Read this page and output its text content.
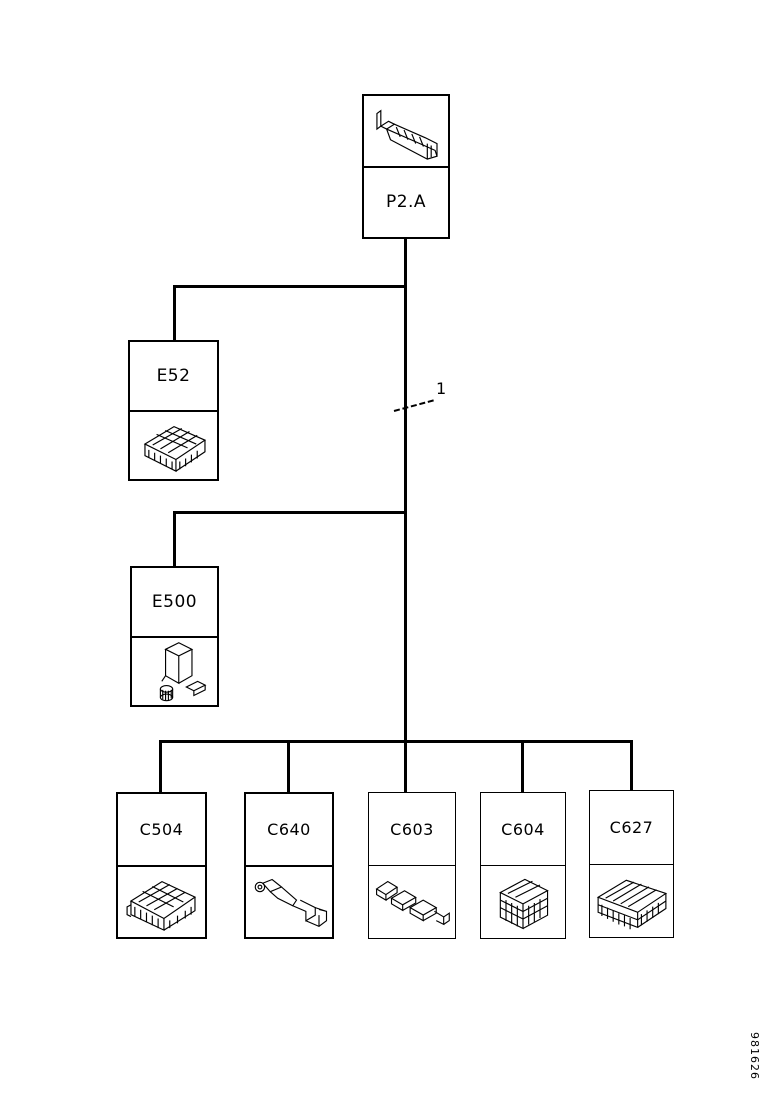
1
P2.A
E52
E500
C504	C640	C603	C604	C627
981626
